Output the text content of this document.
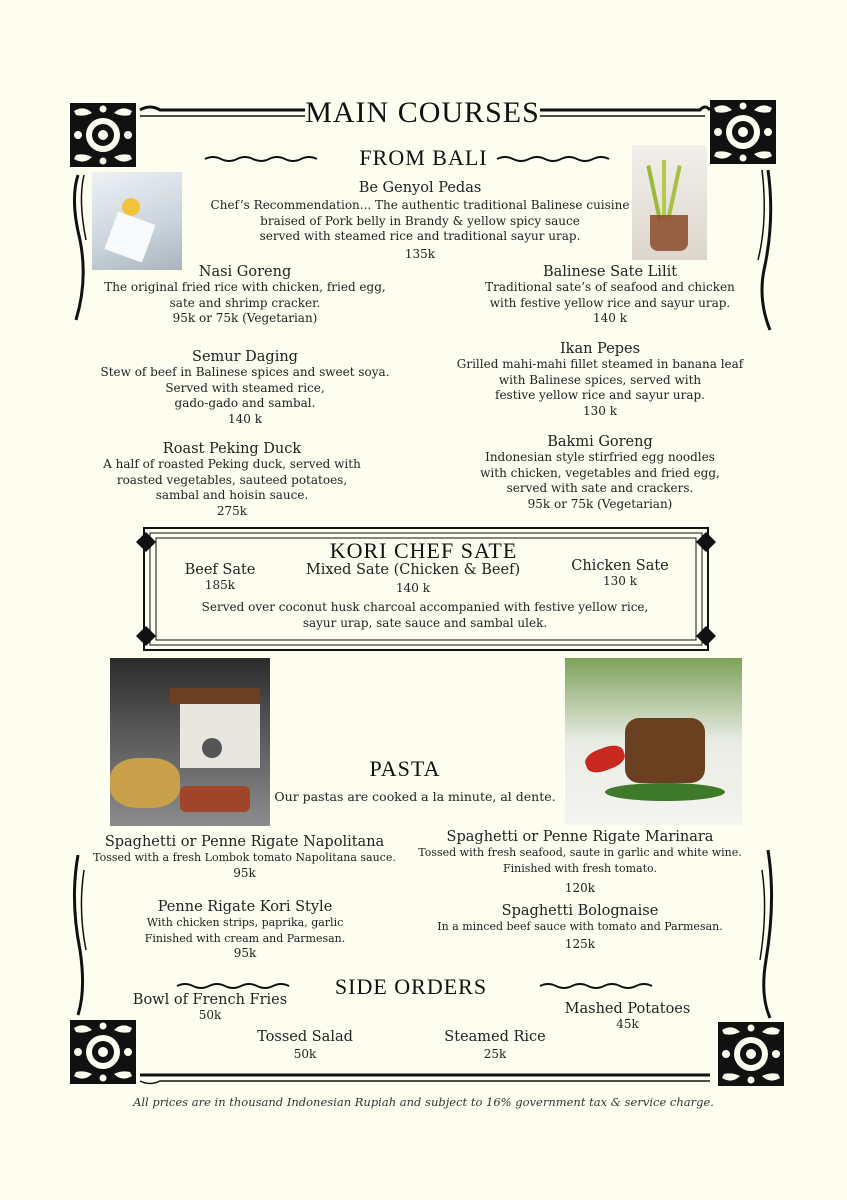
MAIN COURSES
FROM BALI
Be Genyol Pedas
Chef’s Recommendation... The authentic traditional Balinese cuisine
braised of Pork belly in Brandy & yellow spicy sauce
served with steamed rice and traditional sayur urap.
135k
Nasi Goreng
The original fried rice with chicken, fried egg,
sate and shrimp cracker.
95k or 75k (Vegetarian)
Balinese Sate Lilit
Traditional sate’s of seafood and chicken
with festive yellow rice and sayur urap.
140 k
Semur Daging
Stew of beef in Balinese spices and sweet soya.
Served with steamed rice,
gado-gado and sambal.
140 k
Ikan Pepes
Grilled mahi-mahi fillet steamed in banana leaf
with Balinese spices, served with
festive yellow rice and sayur urap.
130 k
Roast Peking Duck
A half of roasted Peking duck, served with
roasted vegetables, sauteed potatoes,
sambal and hoisin sauce.
275k
Bakmi Goreng
Indonesian style stirfried egg noodles
with chicken, vegetables and fried egg,
served with sate and crackers.
95k or 75k (Vegetarian)
KORI CHEF SATE
Beef Sate
185k
Mixed Sate (Chicken & Beef)
140 k
Chicken Sate
130 k
Served over coconut husk charcoal accompanied with festive yellow rice,
sayur urap, sate sauce and sambal ulek.
PASTA
Our pastas are cooked a la minute, al dente.
Spaghetti or Penne Rigate Napolitana
Tossed with a fresh Lombok tomato Napolitana sauce.
95k
Spaghetti or Penne Rigate Marinara
Tossed with fresh seafood, saute in garlic and white wine.
Finished with fresh tomato.
120k
Penne Rigate Kori Style
With chicken strips, paprika, garlic
Finished with cream and Parmesan.
95k
Spaghetti Bolognaise
In a minced beef sauce with tomato and Parmesan.
125k
SIDE ORDERS
Bowl of French Fries
50k	Mashed Potatoes
45k
Tossed Salad
50k
Steamed Rice
25k
All prices are in thousand Indonesian Rupiah and subject to 16% government tax & service charge.
